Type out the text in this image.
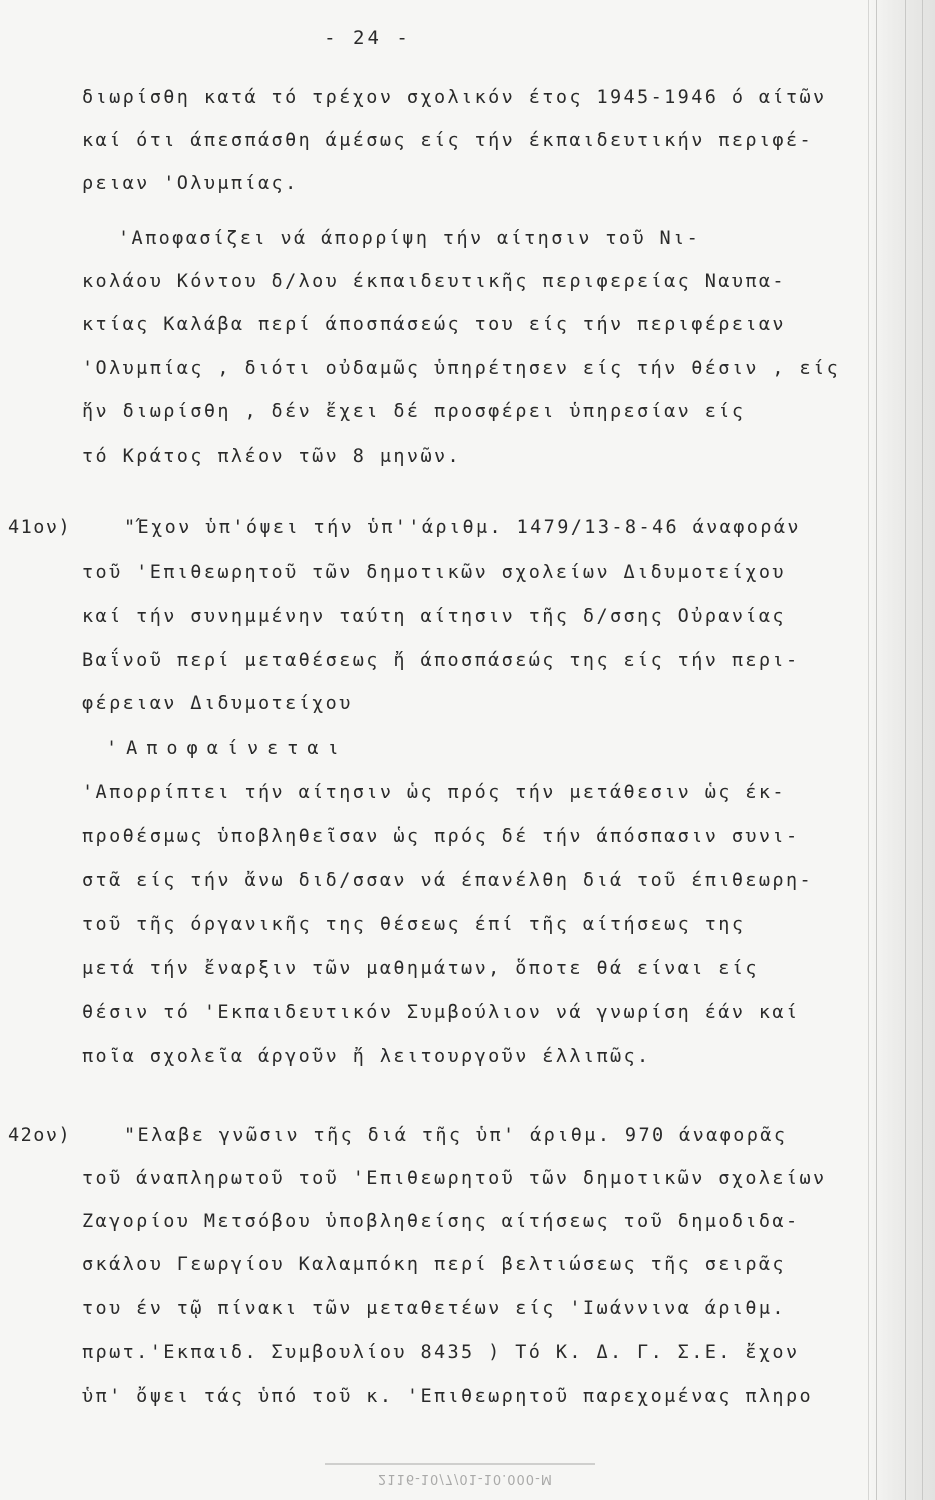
- 24 -
διωρίσθη κατά τό τρέχον σχολικόν έτος 1945-1946 ό αίτῶν
καί ότι άπεσπάσθη άμέσως είς τήν έκπαιδευτικήν περιφέ-
ρειαν 'Ολυμπίας.
'Αποφασίζει νά άπορρίψη τήν αίτησιν τοῦ Νι-
κολάου Κόντου δ/λου έκπαιδευτικῆς περιφερείας Ναυπα-
κτίας Καλάβα περί άποσπάσεώς του είς τήν περιφέρειαν
'Ολυμπίας , διότι οὐδαμῶς ὑπηρέτησεν είς τήν θέσιν , είς
ἥν διωρίσθη , δέν ἔχει δέ προσφέρει ὑπηρεσίαν είς
τό Κράτος πλέον τῶν 8 μηνῶν.
41ον)	"Έχον ὑπ'όψει τήν ὑπ''άριθμ. 1479/13-8-46 άναφοράν
τοῦ 'Επιθεωρητοῦ τῶν δημοτικῶν σχολείων Διδυμοτείχου
καί τήν συνημμένην ταύτη αίτησιν τῆς δ/σσης Οὐρανίας
Βαΐνοῦ περί μεταθέσεως ἤ άποσπάσεώς της είς τήν περι-
φέρειαν Διδυμοτείχου
'Αποφαίνεται
'Απορρίπτει τήν αίτησιν ὡς πρός τήν μετάθεσιν ὡς έκ-
προθέσμως ὑποβληθεῖσαν ὡς πρός δέ τήν άπόσπασιν συνι-
στᾶ είς τήν ἄνω διδ/σσαν νά έπανέλθη διά τοῦ έπιθεωρη-
τοῦ τῆς όργανικῆς της θέσεως έπί τῆς αίτήσεως της
μετά τήν ἔναρξιν τῶν μαθημάτων, ὅποτε θά είναι είς
θέσιν τό 'Εκπαιδευτικόν Συμβούλιον νά γνωρίση έάν καί
ποῖα σχολεῖα άργοῦν ἤ λειτουργοῦν έλλιπῶς.
42ον)	"Ελαβε γνῶσιν τῆς διά τῆς ὑπ' άριθμ. 970 άναφορᾶς
τοῦ άναπληρωτοῦ τοῦ 'Επιθεωρητοῦ τῶν δημοτικῶν σχολείων
Ζαγορίου Μετσόβου ὑποβληθείσης αίτήσεως τοῦ δημοδιδα-
σκάλου Γεωργίου Καλαμπόκη περί βελτιώσεως τῆς σειρᾶς
του έν τῷ πίνακι τῶν μεταθετέων είς 'Ιωάννινα άριθμ.
πρωτ.'Εκπαιδ. Συμβουλίου 8435 ) Τό Κ. Δ. Γ. Σ.Ε. ἔχον
ὑπ' ὄψει τάς ὑπό τοῦ κ. 'Επιθεωρητοῦ παρεχομένας πληρο
2116-10/7/01-10.000-M
